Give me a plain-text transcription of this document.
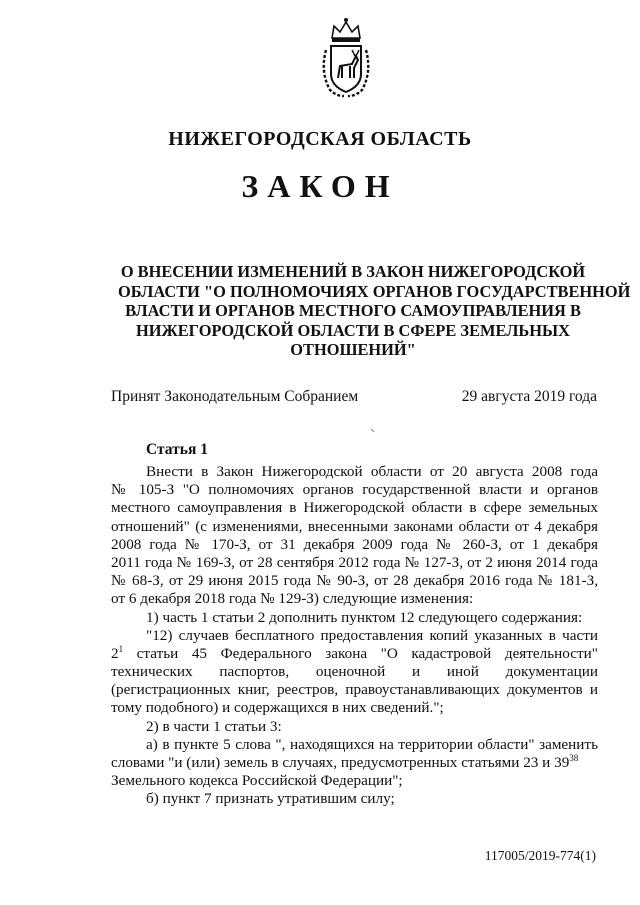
НИЖЕГОРОДСКАЯ ОБЛАСТЬ
ЗАКОН
О ВНЕСЕНИИ ИЗМЕНЕНИЙ В ЗАКОН НИЖЕГОРОДСКОЙ
ОБЛАСТИ "О ПОЛНОМОЧИЯХ ОРГАНОВ ГОСУДАРСТВЕННОЙ
ВЛАСТИ И ОРГАНОВ МЕСТНОГО САМОУПРАВЛЕНИЯ В
НИЖЕГОРОДСКОЙ ОБЛАСТИ В СФЕРЕ ЗЕМЕЛЬНЫХ
ОТНОШЕНИЙ"
Принят Законодательным Собранием	29 августа 2019 года
Статья 1
Внести в Закон Нижегородской области от 20 августа 2008 года
№ 105-З "О полномочиях органов государственной власти и органов
местного самоуправления в Нижегородской области в сфере земельных
отношений" (с изменениями, внесенными законами области от 4 декабря
2008 года № 170-З, от 31 декабря 2009 года № 260-З, от 1 декабря
2011 года № 169-З, от 28 сентября 2012 года № 127-З, от 2 июня 2014 года
№ 68-З, от 29 июня 2015 года № 90-З, от 28 декабря 2016 года № 181-З,
от 6 декабря 2018 года № 129-З) следующие изменения:
1) часть 1 статьи 2 дополнить пунктом 12 следующего содержания:
"12) случаев бесплатного предоставления копий указанных в части
$2^1$ статьи 45 Федерального закона "О кадастровой деятельности"
технических паспортов, оценочной и иной документации
(регистрационных книг, реестров, правоустанавливающих документов и
тому подобного) и содержащихся в них сведений.";
2) в части 1 статьи 3:
а) в пункте 5 слова ", находящихся на территории области" заменить
словами "и (или) земель в случаях, предусмотренных статьями 23 и $39^{38}$
Земельного кодекса Российской Федерации";
б) пункт 7 признать утратившим силу;
117005/2019-774(1)
